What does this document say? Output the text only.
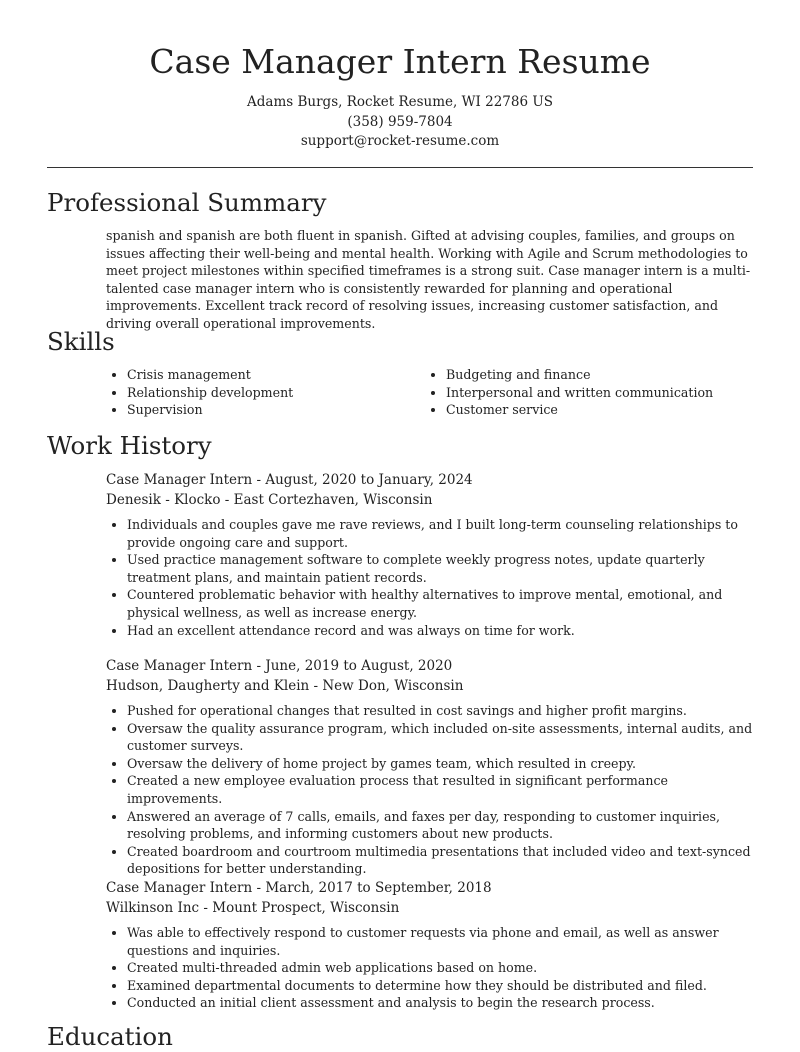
Case Manager Intern Resume
Adams Burgs, Rocket Resume, WI 22786 US
(358) 959-7804
support@rocket-resume.com
Professional Summary

spanish and spanish are both fluent in spanish. Gifted at advising couples, families, and groups on issues affecting their well-being and mental health. Working with Agile and Scrum methodologies to meet project milestones within specified timeframes is a strong suit. Case manager intern is a multi-talented case manager intern who is consistently rewarded for planning and operational improvements. Excellent track record of resolving issues, increasing customer satisfaction, and driving overall operational improvements.

Skills
• Crisis management
• Relationship development
• Supervision
• Budgeting and finance
• Interpersonal and written communication
• Customer service
Work History
Case Manager Intern - August, 2020 to January, 2024
Denesik - Klocko - East Cortezhaven, Wisconsin
• Individuals and couples gave me rave reviews, and I built long-term counseling relationships to provide ongoing care and support.
• Used practice management software to complete weekly progress notes, update quarterly treatment plans, and maintain patient records.
• Countered problematic behavior with healthy alternatives to improve mental, emotional, and physical wellness, as well as increase energy.
• Had an excellent attendance record and was always on time for work.
Case Manager Intern - June, 2019 to August, 2020
Hudson, Daugherty and Klein - New Don, Wisconsin
• Pushed for operational changes that resulted in cost savings and higher profit margins.
• Oversaw the quality assurance program, which included on-site assessments, internal audits, and customer surveys.
• Oversaw the delivery of home project by games team, which resulted in creepy.
• Created a new employee evaluation process that resulted in significant performance improvements.
• Answered an average of 7 calls, emails, and faxes per day, responding to customer inquiries, resolving problems, and informing customers about new products.
• Created boardroom and courtroom multimedia presentations that included video and text-synced depositions for better understanding.
Case Manager Intern - March, 2017 to September, 2018
Wilkinson Inc - Mount Prospect, Wisconsin
• Was able to effectively respond to customer requests via phone and email, as well as answer questions and inquiries.
• Created multi-threaded admin web applications based on home.
• Examined departmental documents to determine how they should be distributed and filed.
• Conducted an initial client assessment and analysis to begin the research process.
Education
